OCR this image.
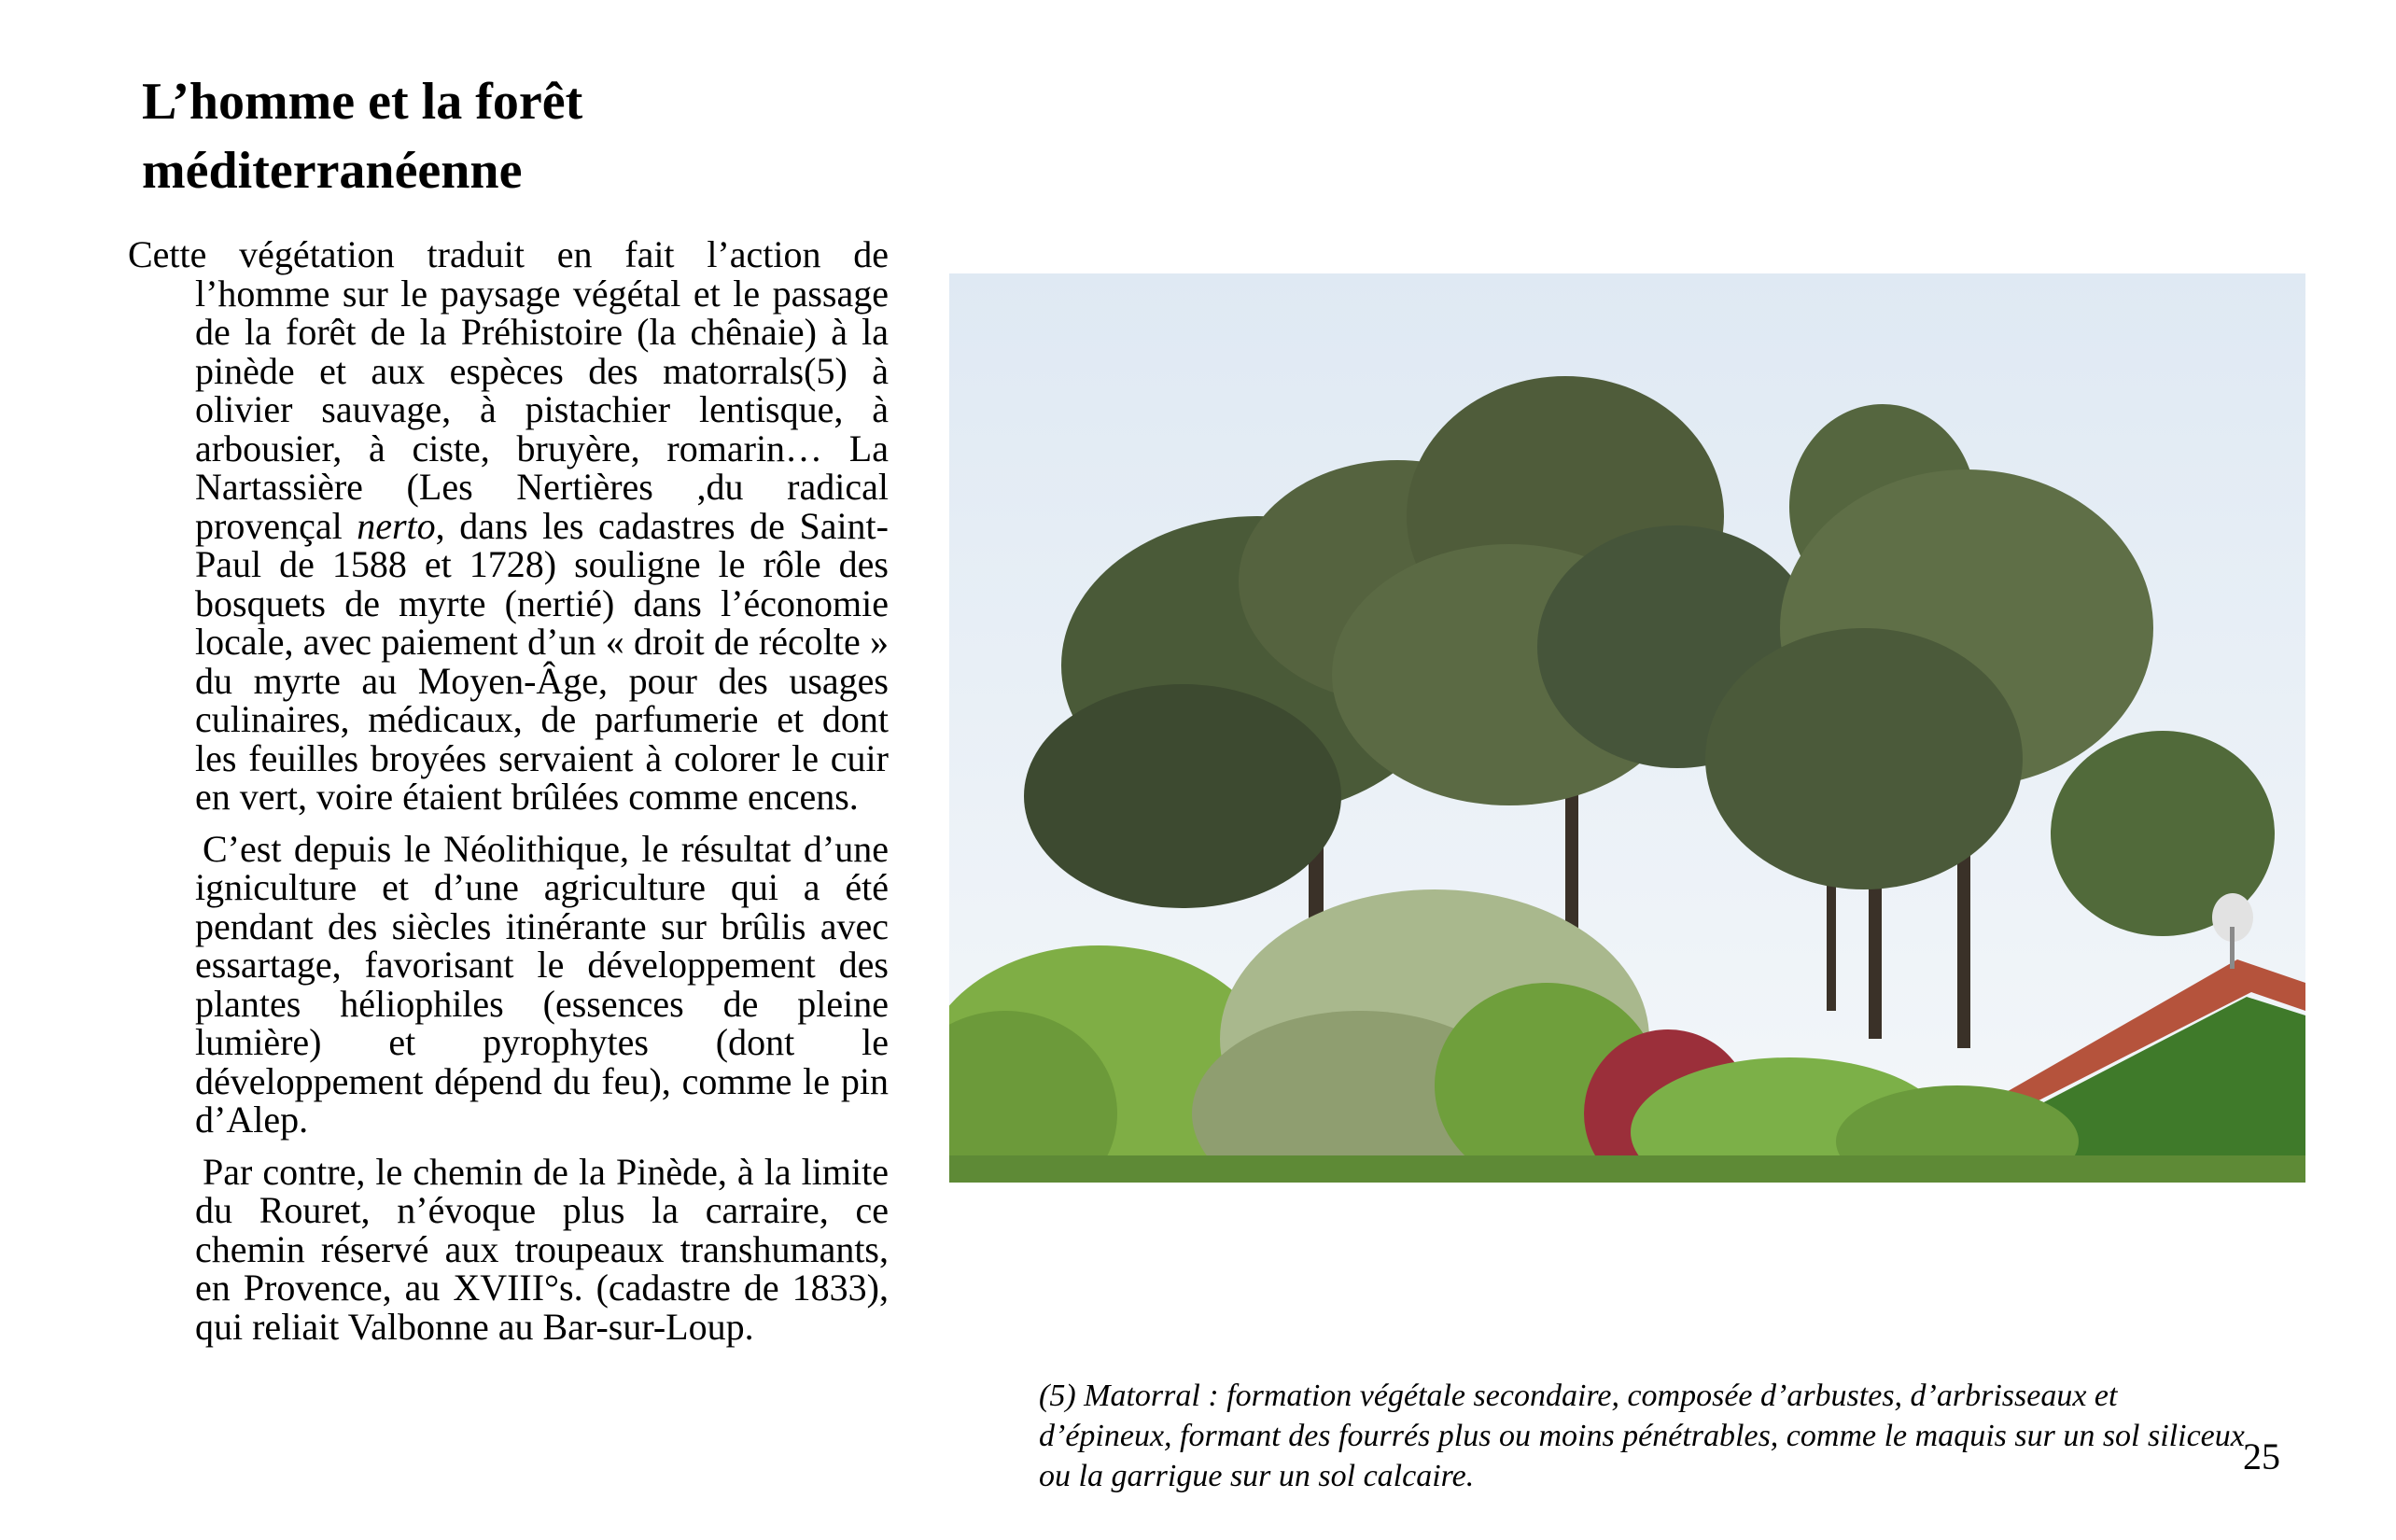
L’homme et la forêt
méditerranéenne

Cette végétation traduit en fait l’action de l’homme sur le paysage végétal et le passage de la forêt de la Préhistoire (la chênaie) à la pinède et aux espèces des matorrals(5) à olivier sauvage, à pistachier lentisque, à arbousier, à ciste, bruyère, romarin… La Nartassière (Les Nertières ,du radical provençal nerto, dans les cadastres de Saint-Paul de 1588 et 1728) souligne le rôle des bosquets de myrte (nertié) dans l’économie locale, avec paiement d’un « droit de récolte » du myrte au Moyen-Âge, pour des usages culinaires, médicaux, de parfumerie et dont les feuilles broyées servaient à colorer le cuir en vert, voire étaient brûlées comme encens.

C’est depuis le Néolithique, le résultat d’une igniculture et d’une agriculture qui a été pendant des siècles itinérante sur brûlis avec essartage, favorisant le développement des plantes héliophiles (essences de pleine lumière) et pyrophytes (dont le développement dépend du feu), comme le pin d’Alep.

Par contre, le chemin de la Pinède, à la limite du Rouret, n’évoque plus la carraire, ce chemin réservé aux troupeaux transhumants, en Provence, au XVIII°s. (cadastre de 1833), qui reliait Valbonne au Bar-sur-Loup.

(5) Matorral : formation végétale secondaire, composée d’arbustes, d’arbrisseaux et d’épineux, formant des fourrés plus ou moins pénétrables, comme le maquis sur un sol siliceux ou la garrigue sur un sol calcaire.	25
